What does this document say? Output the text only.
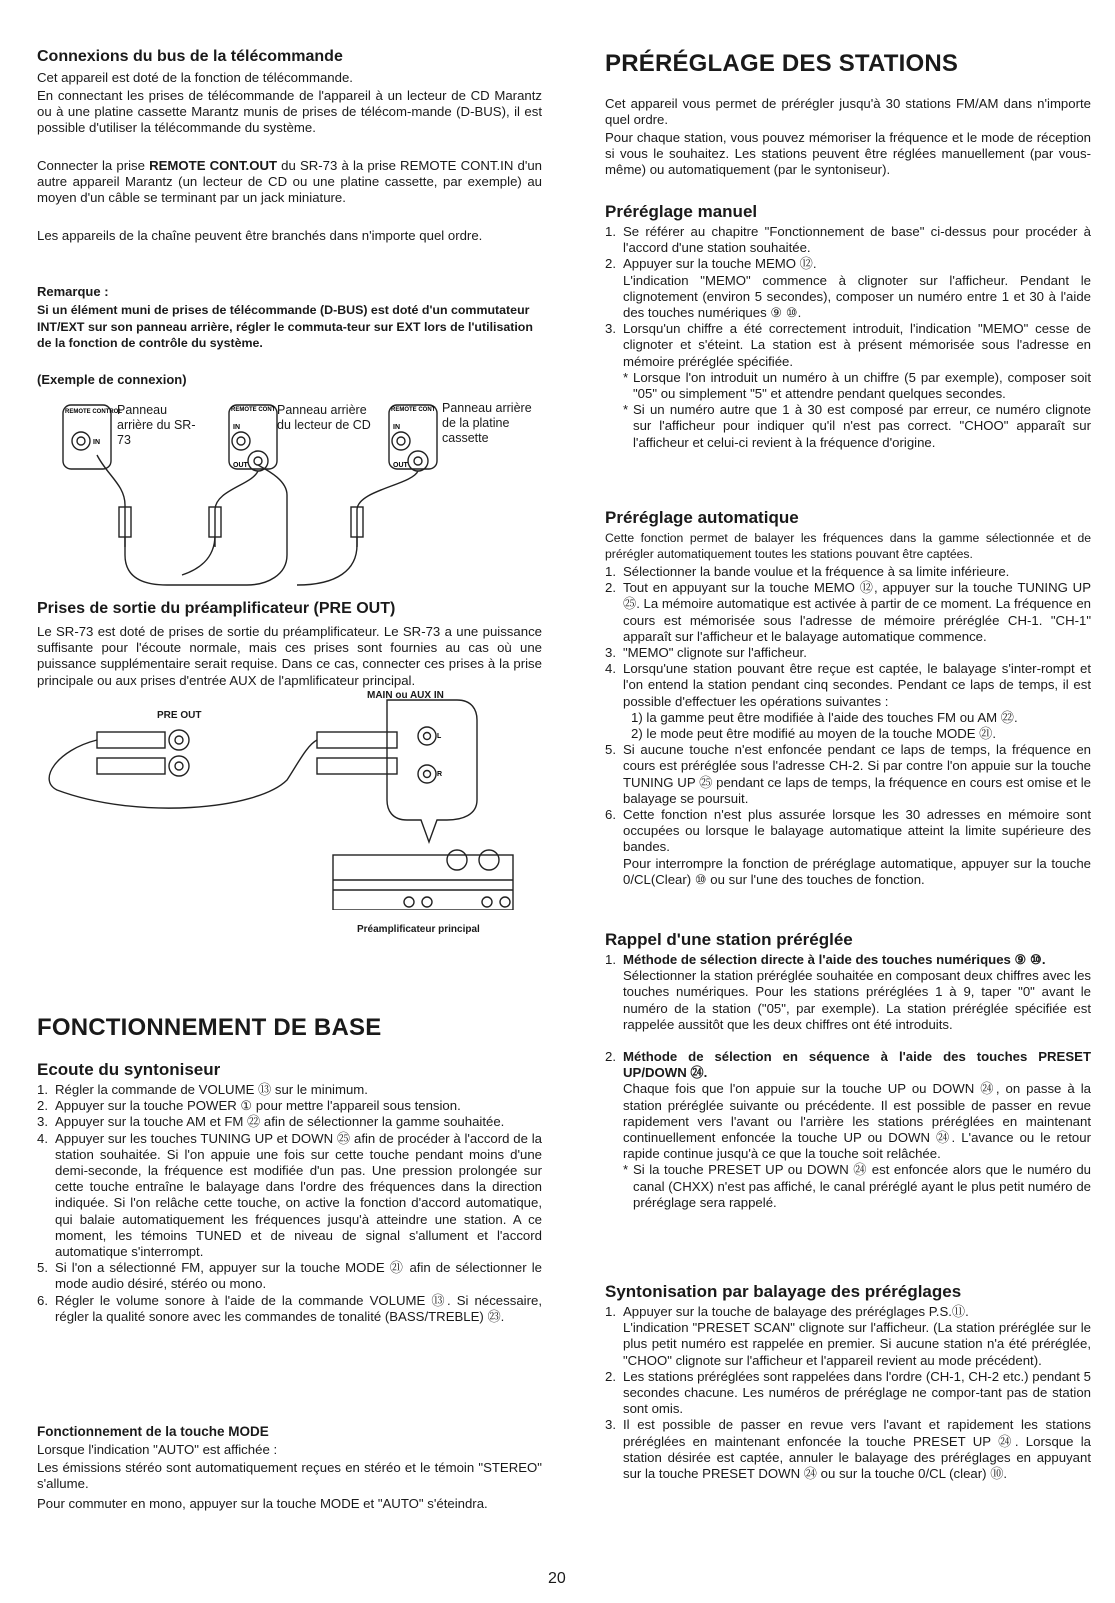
Connexions du bus de la télécommande

Cet appareil est doté de la fonction de télécommande.

En connectant les prises de télécommande de l'appareil à un lecteur de CD Marantz ou à une platine cassette Marantz munis de prises de télécom-mande (D-BUS), il est possible d'utiliser la télécommande du système.

Connecter la prise REMOTE CONT.OUT du SR-73 à la prise REMOTE CONT.IN d'un autre appareil Marantz (un lecteur de CD ou une platine cassette, par exemple) au moyen d'un câble se terminant par un jack miniature.

Les appareils de la chaîne peuvent être branchés dans n'importe quel ordre.

Remarque :
Si un élément muni de prises de télécommande (D-BUS) est doté d'un commutateur INT/EXT sur son panneau arrière, régler le commuta-teur sur EXT lors de l'utilisation de la fonction de contrôle du système.
(Exemple de connexion)
REMOTE CONTROL	REMOTE CONT	REMOTE CONT
IN
IN
OUT
IN
OUT
Panneau arrière du SR-73
Panneau arrière du lecteur de CD
Panneau arrière de la platine cassette
Prises de sortie du préamplificateur (PRE OUT)

Le SR-73 est doté de prises de sortie du préamplificateur. Le SR-73 a une puissance suffisante pour l'écoute normale, mais ces prises sont fournies au cas où une puissance supplémentaire serait requise. Dans ce cas, connecter ces prises à la prise principale ou aux prises d'entrée AUX de l'apmlificateur principal.

L
R
MAIN ou AUX IN
PRE OUT
Préamplificateur principal
FONCTIONNEMENT DE BASE
Ecoute du syntoniseur
1. Régler la commande de VOLUME ⑬ sur le minimum.
2. Appuyer sur la touche POWER ① pour mettre l'appareil sous tension.
3. Appuyer sur la touche AM et FM ㉒ afin de sélectionner la gamme souhaitée.
4. Appuyer sur les touches TUNING UP et DOWN ㉕ afin de procéder à l'accord de la station souhaitée. Si l'on appuie une fois sur cette touche pendant moins d'une demi-seconde, la fréquence est modifiée d'un pas. Une pression prolongée sur cette touche entraîne le balayage dans l'ordre des fréquences dans la direction indiquée. Si l'on relâche cette touche, on active la fonction d'accord automatique, qui balaie automatiquement les fréquences jusqu'à atteindre une station. A ce moment, les témoins TUNED et de niveau de signal s'allument et l'accord automatique s'interrompt.
5. Si l'on a sélectionné FM, appuyer sur la touche MODE ㉑ afin de sélectionner le mode audio désiré, stéréo ou mono.
6. Régler le volume sonore à l'aide de la commande VOLUME ⑬. Si nécessaire, régler la qualité sonore avec les commandes de tonalité (BASS/TREBLE) ㉓.
Fonctionnement de la touche MODE

Lorsque l'indication "AUTO" est affichée :

Les émissions stéréo sont automatiquement reçues en stéréo et le témoin "STEREO" s'allume.

Pour commuter en mono, appuyer sur la touche MODE et "AUTO" s'éteindra.

PRÉRÉGLAGE DES STATIONS

Cet appareil vous permet de prérégler jusqu'à 30 stations FM/AM dans n'importe quel ordre.

Pour chaque station, vous pouvez mémoriser la fréquence et le mode de réception si vous le souhaitez. Les stations peuvent être réglées manuellement (par vous-même) ou automatiquement (par le syntoniseur).

Préréglage manuel
1. Se référer au chapitre "Fonctionnement de base" ci-dessus pour procéder à l'accord d'une station souhaitée.
2. Appuyer sur la touche MEMO ⑫.
L'indication "MEMO" commence à clignoter sur l'afficheur. Pendant le clignotement (environ 5 secondes), composer un numéro entre 1 et 30 à l'aide des touches numériques ⑨ ⑩.
3. Lorsqu'un chiffre a été correctement introduit, l'indication "MEMO" cesse de clignoter et s'éteint. La station est à présent mémorisée sous l'adresse en mémoire préréglée spécifiée.
* Lorsque l'on introduit un numéro à un chiffre (5 par exemple), composer soit "05" ou simplement "5" et attendre pendant quelques secondes.
* Si un numéro autre que 1 à 30 est composé par erreur, ce numéro clignote sur l'afficheur pour indiquer qu'il n'est pas correct. "CHOO" apparaît sur l'afficheur et celui-ci revient à la fréquence d'origine.
Préréglage automatique

Cette fonction permet de balayer les fréquences dans la gamme sélectionnée et de prérégler automatiquement toutes les stations pouvant être captées.

1. Sélectionner la bande voulue et la fréquence à sa limite inférieure.
2. Tout en appuyant sur la touche MEMO ⑫, appuyer sur la touche TUNING UP ㉕. La mémoire automatique est activée à partir de ce moment. La fréquence en cours est mémorisée sous l'adresse de mémoire préréglée CH-1. "CH-1" apparaît sur l'afficheur et le balayage automatique commence.
3. "MEMO" clignote sur l'afficheur.
4. Lorsqu'une station pouvant être reçue est captée, le balayage s'inter-rompt et l'on entend la station pendant cinq secondes. Pendant ce laps de temps, il est possible d'effectuer les opérations suivantes :
1) la gamme peut être modifiée à l'aide des touches FM ou AM ㉒.
2) le mode peut être modifié au moyen de la touche MODE ㉑.
5. Si aucune touche n'est enfoncée pendant ce laps de temps, la fréquence en cours est préréglée sous l'adresse CH-2. Si par contre l'on appuie sur la touche TUNING UP ㉕ pendant ce laps de temps, la fréquence en cours est omise et le balayage se poursuit.
6. Cette fonction n'est plus assurée lorsque les 30 adresses en mémoire sont occupées ou lorsque le balayage automatique atteint la limite supérieure des bandes.
Pour interrompre la fonction de préréglage automatique, appuyer sur la touche 0/CL(Clear) ⑩ ou sur l'une des touches de fonction.
Rappel d'une station préréglée
1. Méthode de sélection directe à l'aide des touches numériques ⑨ ⑩.
Sélectionner la station préréglée souhaitée en composant deux chiffres avec les touches numériques. Pour les stations préréglées 1 à 9, taper "0" avant le numéro de la station ("05", par exemple). La station préréglée spécifiée est rappelée aussitôt que les deux chiffres ont été introduits.
2. Méthode de sélection en séquence à l'aide des touches PRESET UP/DOWN ㉔.
Chaque fois que l'on appuie sur la touche UP ou DOWN ㉔, on passe à la station préréglée suivante ou précédente. Il est possible de passer en revue rapidement vers l'avant ou l'arrière les stations préréglées en maintenant continuellement enfoncée la touche UP ou DOWN ㉔. L'avance ou le retour rapide continue jusqu'à ce que la touche soit relâchée.
* Si la touche PRESET UP ou DOWN ㉔ est enfoncée alors que le numéro du canal (CHXX) n'est pas affiché, le canal préréglé ayant le plus petit numéro de préréglage sera rappelé.
Syntonisation par balayage des préréglages
1. Appuyer sur la touche de balayage des préréglages P.S.⑪.
L'indication "PRESET SCAN" clignote sur l'afficheur. (La station préréglée sur le plus petit numéro est rappelée en premier. Si aucune station n'a été préréglée, "CHOO" clignote sur l'afficheur et l'appareil revient au mode précédent).
2. Les stations préréglées sont rappelées dans l'ordre (CH-1, CH-2 etc.) pendant 5 secondes chacune. Les numéros de préréglage ne compor-tant pas de station sont omis.
3. Il est possible de passer en revue vers l'avant et rapidement les stations préréglées en maintenant enfoncée la touche PRESET UP ㉔. Lorsque la station désirée est captée, annuler le balayage des préréglages en appuyant sur la touche PRESET DOWN ㉔ ou sur la touche 0/CL (clear) ⑩.
20
